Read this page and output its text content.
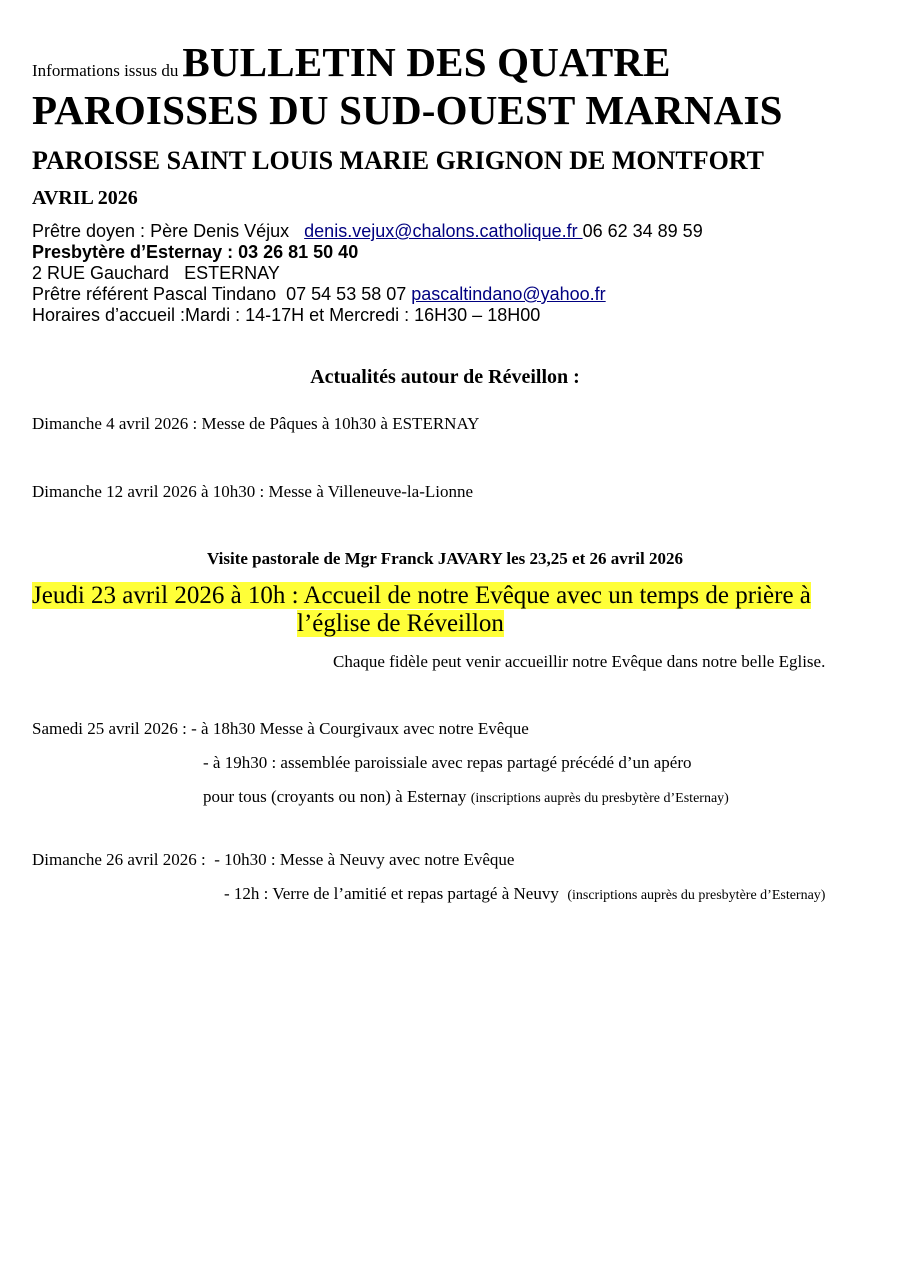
Informations issus duBULLETIN DES QUATRE
PAROISSES DU SUD-OUEST MARNAIS
PAROISSE SAINT LOUIS MARIE GRIGNON DE MONTFORT
AVRIL 2026
Prêtre doyen : Père Denis Véjux denis.vejux@chalons.catholique.fr 06 62 34 89 59
Presbytère d’Esternay : 03 26 81 50 40
2 RUE Gauchard   ESTERNAY
Prêtre référent Pascal Tindano  07 54 53 58 07 pascaltindano@yahoo.fr
Horaires d’accueil :Mardi : 14-17H et Mercredi : 16H30 – 18H00
Actualités autour de Réveillon :
Dimanche 4 avril 2026 : Messe de Pâques à 10h30 à ESTERNAY
Dimanche 12 avril 2026 à 10h30 : Messe à Villeneuve-la-Lionne
Visite pastorale de Mgr Franck JAVARY les 23,25 et 26 avril 2026
Jeudi 23 avril 2026 à 10h : Accueil de notre Evêque avec un temps de prière à
l’église de Réveillon
Chaque fidèle peut venir accueillir notre Evêque dans notre belle Eglise.
Samedi 25 avril 2026 : - à 18h30 Messe à Courgivaux avec notre Evêque
- à 19h30 : assemblée paroissiale avec repas partagé précédé d’un apéro
pour tous (croyants ou non) à Esternay (inscriptions auprès du presbytère d’Esternay)
Dimanche 26 avril 2026 :  - 10h30 : Messe à Neuvy avec notre Evêque
- 12h : Verre de l’amitié et repas partagé à Neuvy (inscriptions auprès du presbytère d’Esternay)
